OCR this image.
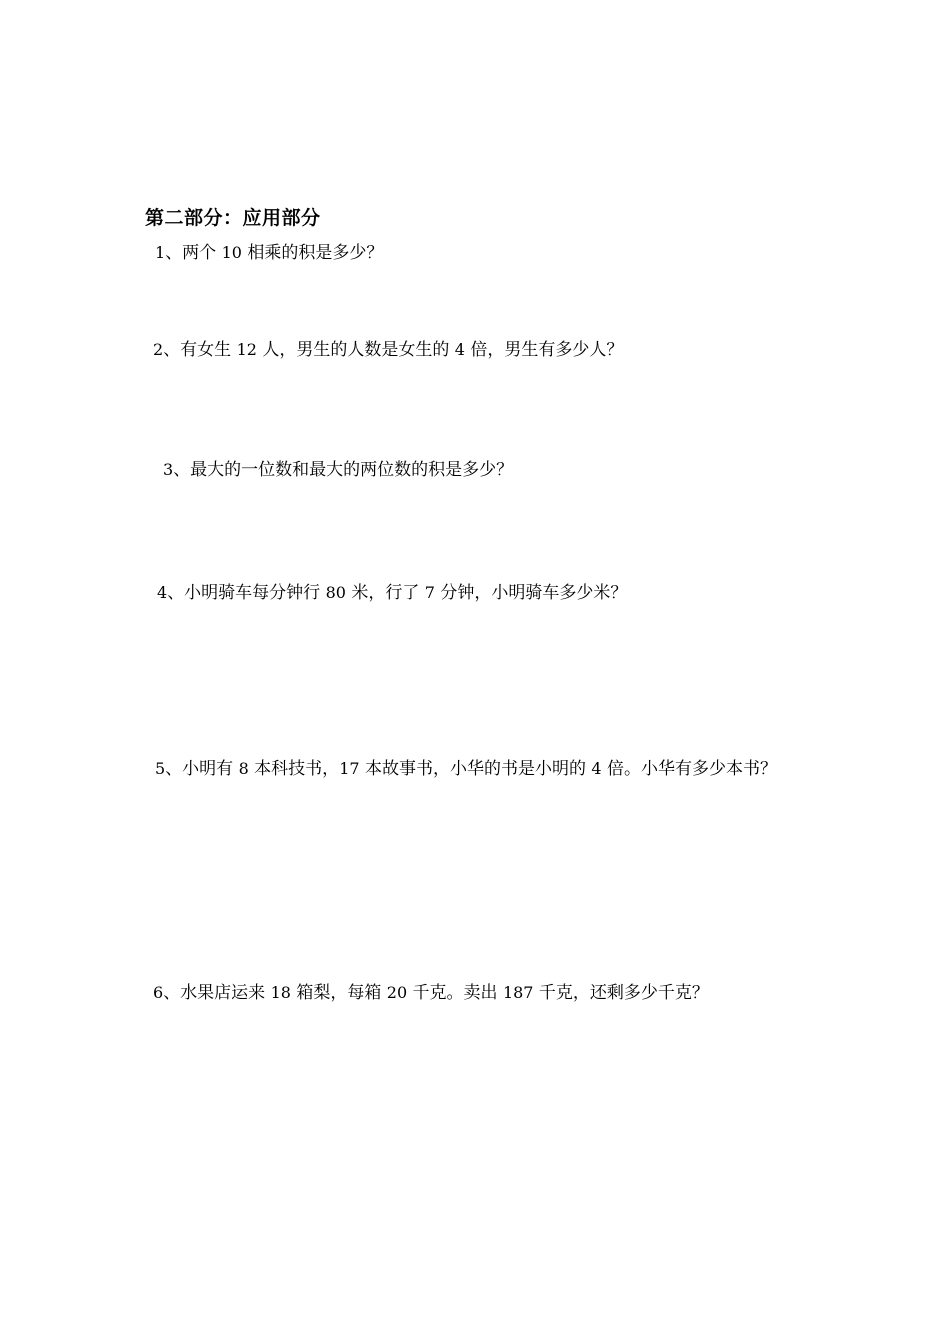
第二部分：应用部分
1、两个 10 相乘的积是多少？
2、有女生 12 人，男生的人数是女生的 4 倍，男生有多少人？
3、最大的一位数和最大的两位数的积是多少？
4、小明骑车每分钟行 80 米，行了 7 分钟，小明骑车多少米？
5、小明有 8 本科技书，17 本故事书，小华的书是小明的 4 倍。小华有多少本书？
6、水果店运来 18 箱梨，每箱 20 千克。卖出 187 千克，还剩多少千克？
